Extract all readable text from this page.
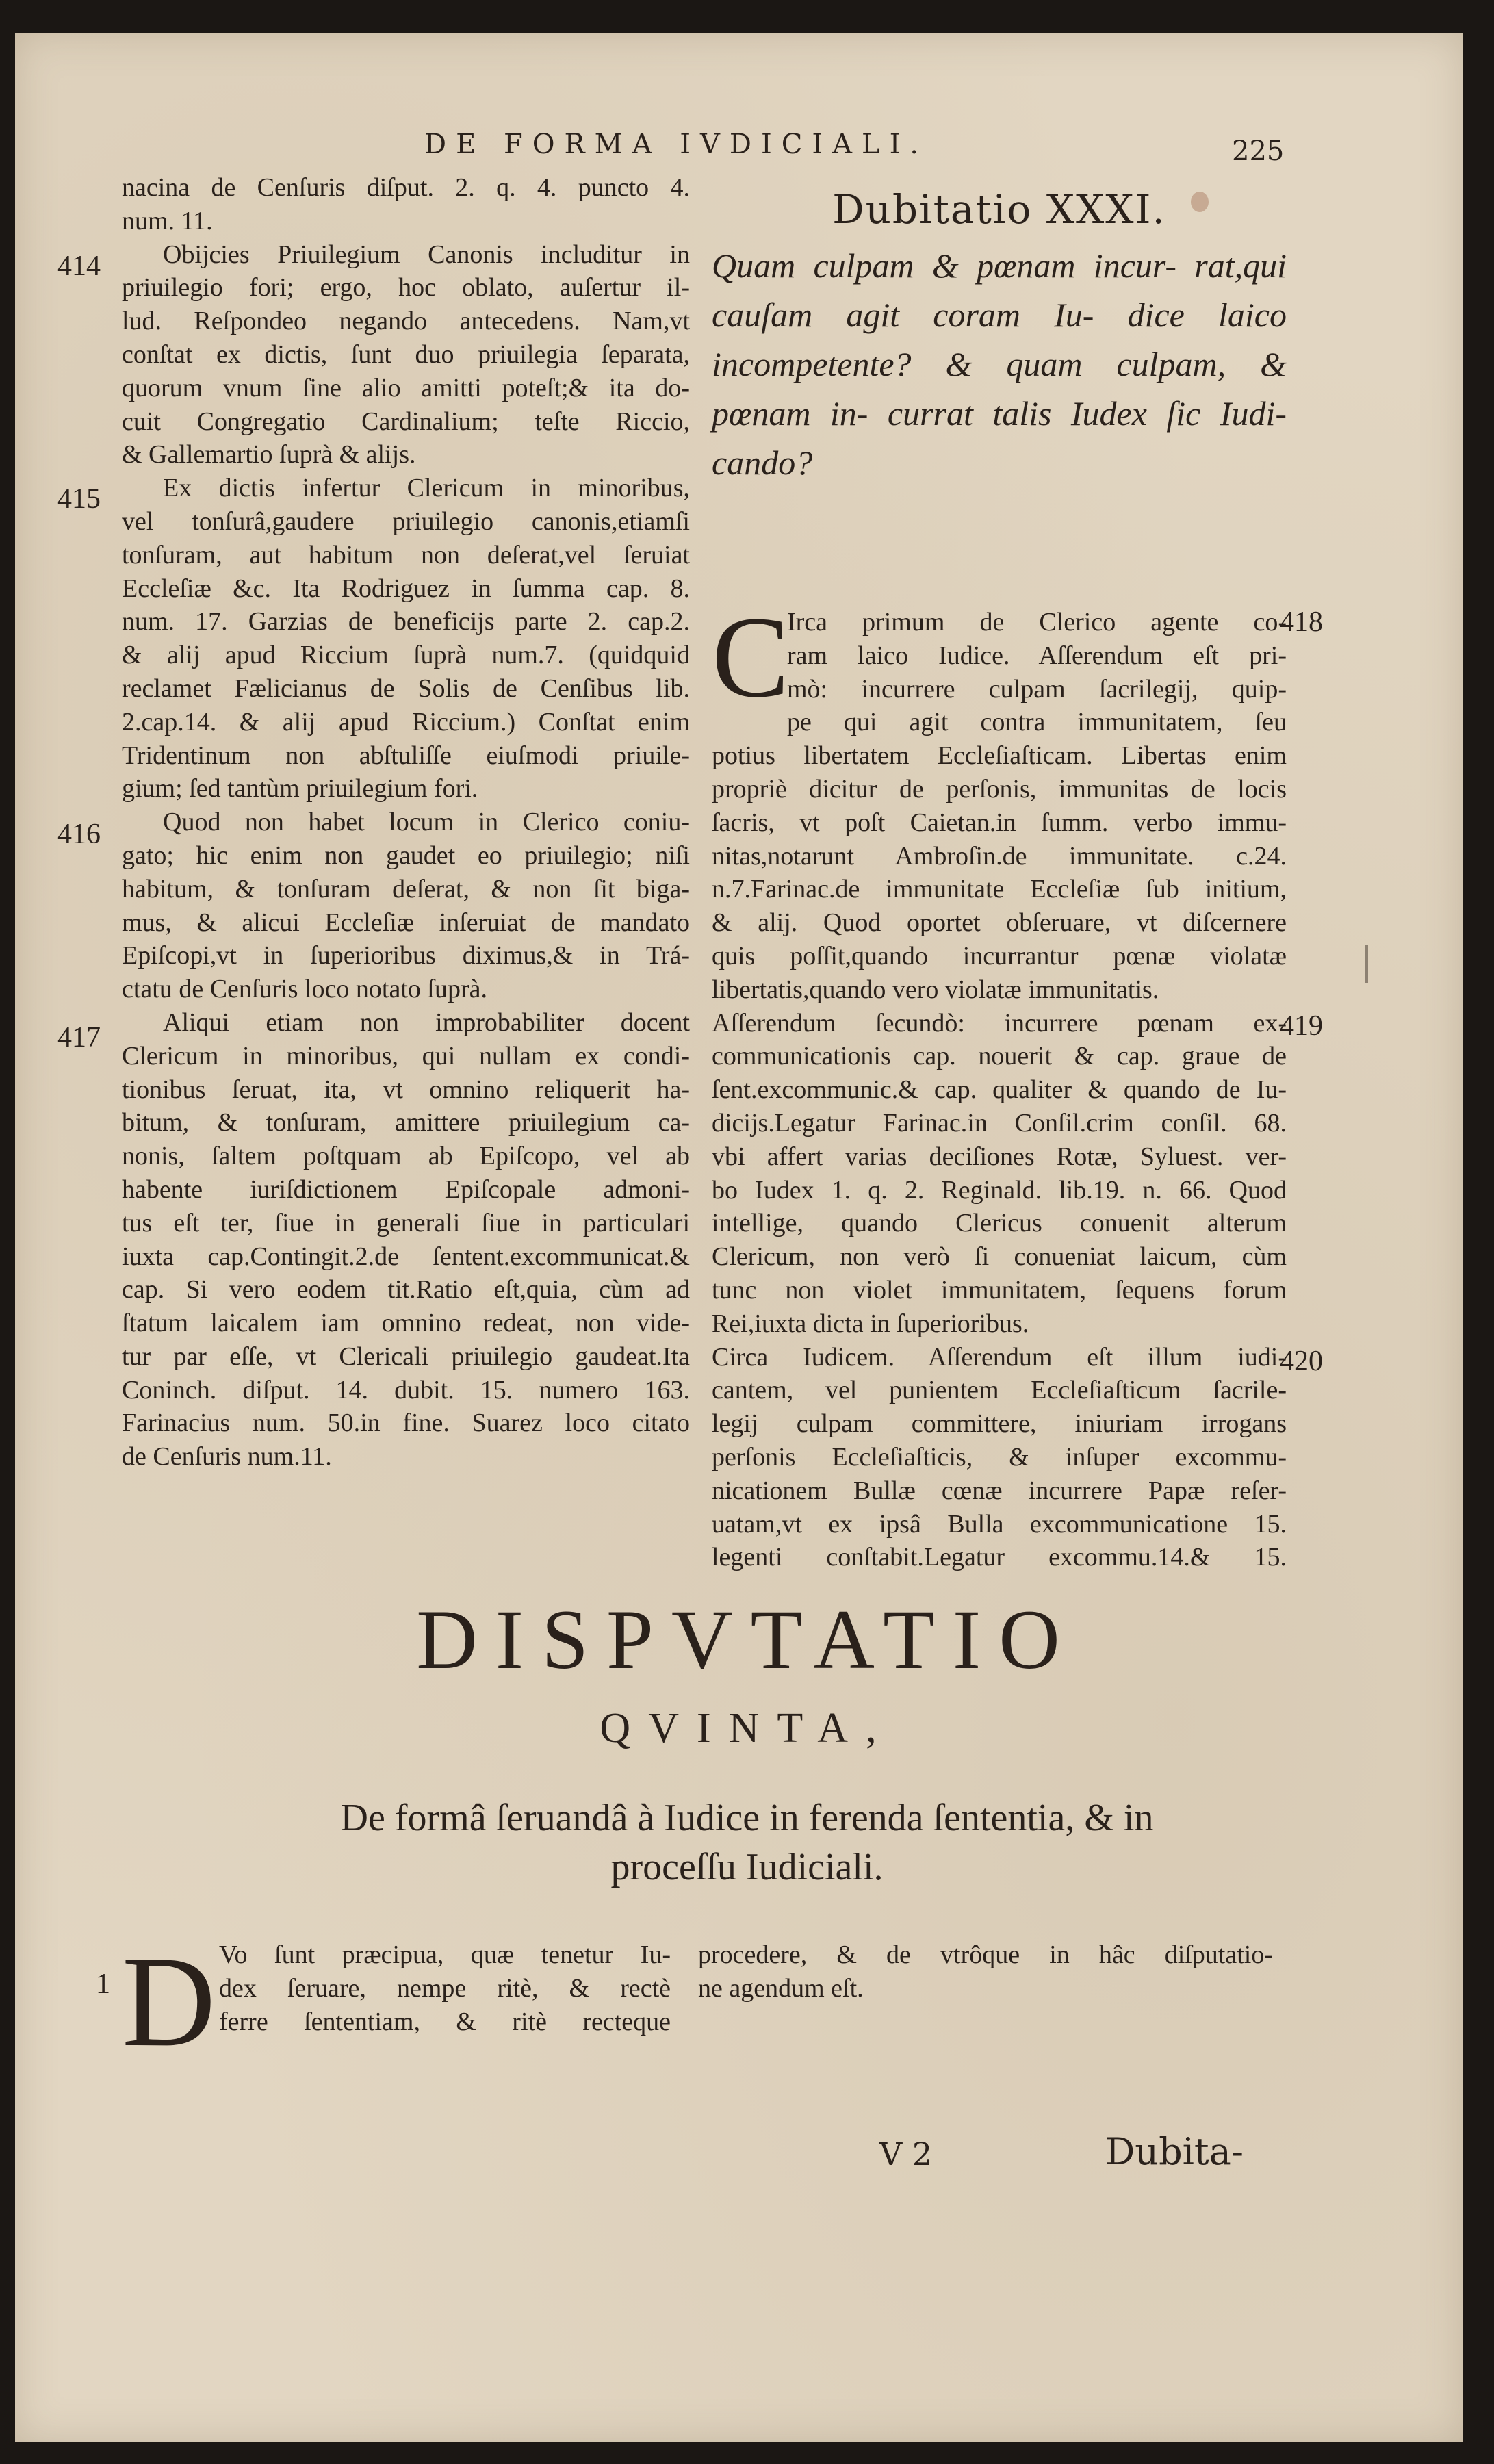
DE FORMA IVDICIALI.	225
nacina de Cenſuris diſput. 2. q. 4. puncto 4.
num. 11.
Obijcies Priuilegium Canonis includitur in
priuilegio fori; ergo, hoc oblato, auſertur il-
lud. Reſpondeo negando antecedens. Nam,vt
conſtat ex dictis, ſunt duo priuilegia ſeparata,
quorum vnum ſine alio amitti poteſt;& ita do-
cuit Congregatio Cardinalium; teſte Riccio,
& Gallemartio ſuprà & alijs.
Ex dictis infertur Clericum in minoribus,
vel tonſurâ,gaudere priuilegio canonis,etiamſi
tonſuram, aut habitum non deſerat,vel ſeruiat
Eccleſiæ &c. Ita Rodriguez in ſumma cap. 8.
num. 17. Garzias de beneficijs parte 2. cap.2.
& alij apud Riccium ſuprà num.7. (quidquid
reclamet Fælicianus de Solis de Cenſibus lib.
2.cap.14. & alij apud Riccium.) Conſtat enim
Tridentinum non abſtuliſſe eiuſmodi priuile-
gium; ſed tantùm priuilegium fori.
Quod non habet locum in Clerico coniu-
gato; hic enim non gaudet eo priuilegio; niſi
habitum, & tonſuram deſerat, & non ſit biga-
mus, & alicui Eccleſiæ inſeruiat de mandato
Epiſcopi,vt in ſuperioribus diximus,& in Trá-
ctatu de Cenſuris loco notato ſuprà.
Aliqui etiam non improbabiliter docent
Clericum in minoribus, qui nullam ex condi-
tionibus ſeruat, ita, vt omnino reliquerit ha-
bitum, & tonſuram, amittere priuilegium ca-
nonis, ſaltem poſtquam ab Epiſcopo, vel ab
habente iuriſdictionem Epiſcopale admoni-
tus eſt ter, ſiue in generali ſiue in particulari
iuxta cap.Contingit.2.de ſentent.excommunicat.&
cap. Si vero eodem tit.Ratio eſt,quia, cùm ad
ſtatum laicalem iam omnino redeat, non vide-
tur par eſſe, vt Clericali priuilegio gaudeat.Ita
Coninch. diſput. 14. dubit. 15. numero 163.
Farinacius num. 50.in fine. Suarez loco citato
de Cenſuris num.11.
414
415
416
417
Dubitatio XXXI.
Quam culpam & pœnam incur- rat,qui cauſam agit coram Iu- dice laico incompetente? & quam culpam, & pœnam in- currat talis Iudex ſic Iudi- cando?
C
Irca primum de Clerico agente co-
ram laico Iudice. Aſſerendum eſt pri-
mò: incurrere culpam ſacrilegij, quip-
pe qui agit contra immunitatem, ſeu
potius libertatem Eccleſiaſticam. Libertas enim
propriè dicitur de perſonis, immunitas de locis
ſacris, vt poſt Caietan.in ſumm. verbo immu-
nitas,notarunt Ambroſin.de immunitate. c.24.
n.7.Farinac.de immunitate Eccleſiæ ſub initium,
& alij. Quod oportet obſeruare, vt diſcernere
quis poſſit,quando incurrantur pœnæ violatæ
libertatis,quando vero violatæ immunitatis.
Aſſerendum ſecundò: incurrere pœnam ex-
communicationis cap. nouerit & cap. graue de
ſent.excommunic.& cap. qualiter & quando de Iu-
dicijs.Legatur Farinac.in Conſil.crim conſil. 68.
vbi affert varias deciſiones Rotæ, Syluest. ver-
bo Iudex 1. q. 2. Reginald. lib.19. n. 66. Quod
intellige, quando Clericus conuenit alterum
Clericum, non verò ſi conueniat laicum, cùm
tunc non violet immunitatem, ſequens forum
Rei,iuxta dicta in ſuperioribus.
Circa Iudicem. Aſſerendum eſt illum iudi-
cantem, vel punientem Eccleſiaſticum ſacrile-
legij culpam committere, iniuriam irrogans
perſonis Eccleſiaſticis, & inſuper excommu-
nicationem Bullæ cœnæ incurrere Papæ reſer-
uatam,vt ex ipsâ Bulla excommunicatione 15.
legenti conſtabit.Legatur excommu.14.& 15.
418
419
420
DISPVTATIO
QVINTA,
De formâ ſeruandâ à Iudice in ferenda ſententia, & in
proceſſu Iudiciali.
1 D Vo ſunt præcipua, quæ tenetur Iu-
dex ſeruare, nempe ritè, & rectè
ferre ſententiam, & ritè recteque
procedere, & de vtrôque in hâc diſputatio-
ne agendum eſt.
V 2	Dubita-
